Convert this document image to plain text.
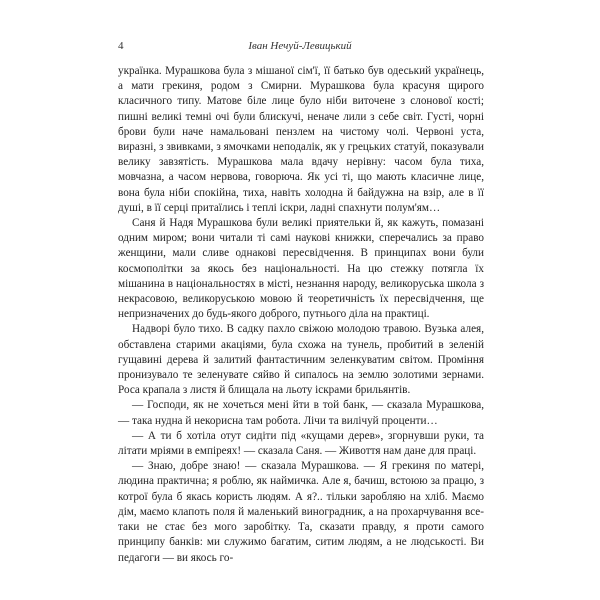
4	Іван Нечуй-Левицький

українка. Мурашкова була з мішаної сім'ї, її батько був одеський українець, а мати грекиня, родом з Смирни. Мурашкова була красуня щирого класичного типу. Матове біле лице було ніби виточене з слонової кості; пишні великі темні очі були блискучі, неначе лили з себе світ. Густі, чорні брови були наче намальовані пензлем на чистому чолі. Червоні уста, виразні, з звивками, з ямочками неподалік, як у грецьких статуй, показували велику завзятість. Мурашкова мала вдачу нерівну: часом була тиха, мовчазна, а часом нервова, говорюча. Як усі ті, що мають класичне лице, вона була ніби спокійна, тиха, навіть холодна й байдужна на взір, але в її душі, в її серці притаїлись і теплі іскри, ладні спахнути полум'ям…

Саня й Надя Мурашкова були великі приятельки й, як кажуть, помазані одним миром; вони читали ті самі наукові книжки, сперечались за право женщини, мали сливе однакові пересвідчення. В принципах вони були космополітки за якось без національності. На цю стежку потягла їх мішанина в національностях в місті, незнання народу, великоруська школа з некрасовою, великоруською мовою й теоретичність їх пересвідчення, ще непризначених до будь-якого доброго, путнього діла на практиці.

Надворі було тихо. В садку пахло свіжою молодою травою. Вузька алея, обставлена старими акаціями, була схожа на тунель, пробитий в зеленій гущавині дерева й залитий фантастичним зеленкуватим світом. Проміння пронизувало те зеленувате сяйво й сипалось на землю золотими зернами. Роса крапала з листя й блищала на льоту іскрами брильянтів.

— Господи, як не хочеться мені йти в той банк, — сказала Мурашкова, — така нудна й некорисна там робота. Лічи та вилічуй проценти…

— А ти б хотіла отут сидіти під «кущами дерев», згорнувши руки, та літати мріями в емпіреях! — сказала Саня. — Живоття нам дане для праці.

— Знаю, добре знаю! — сказала Мурашкова. — Я грекиня по матері, людина практична; я роблю, як наймичка. Але я, бачиш, встоюю за працю, з котрої була б якась користь людям. А я?.. тільки заробляю на хліб. Маємо дім, маємо клапоть поля й маленький виноградник, а на прохарчування все-таки не стає без мого заробітку. Та, сказати правду, я проти самого принципу банків: ми служимо багатим, ситим людям, а не людськості. Ви педагоги — ви якось го-
